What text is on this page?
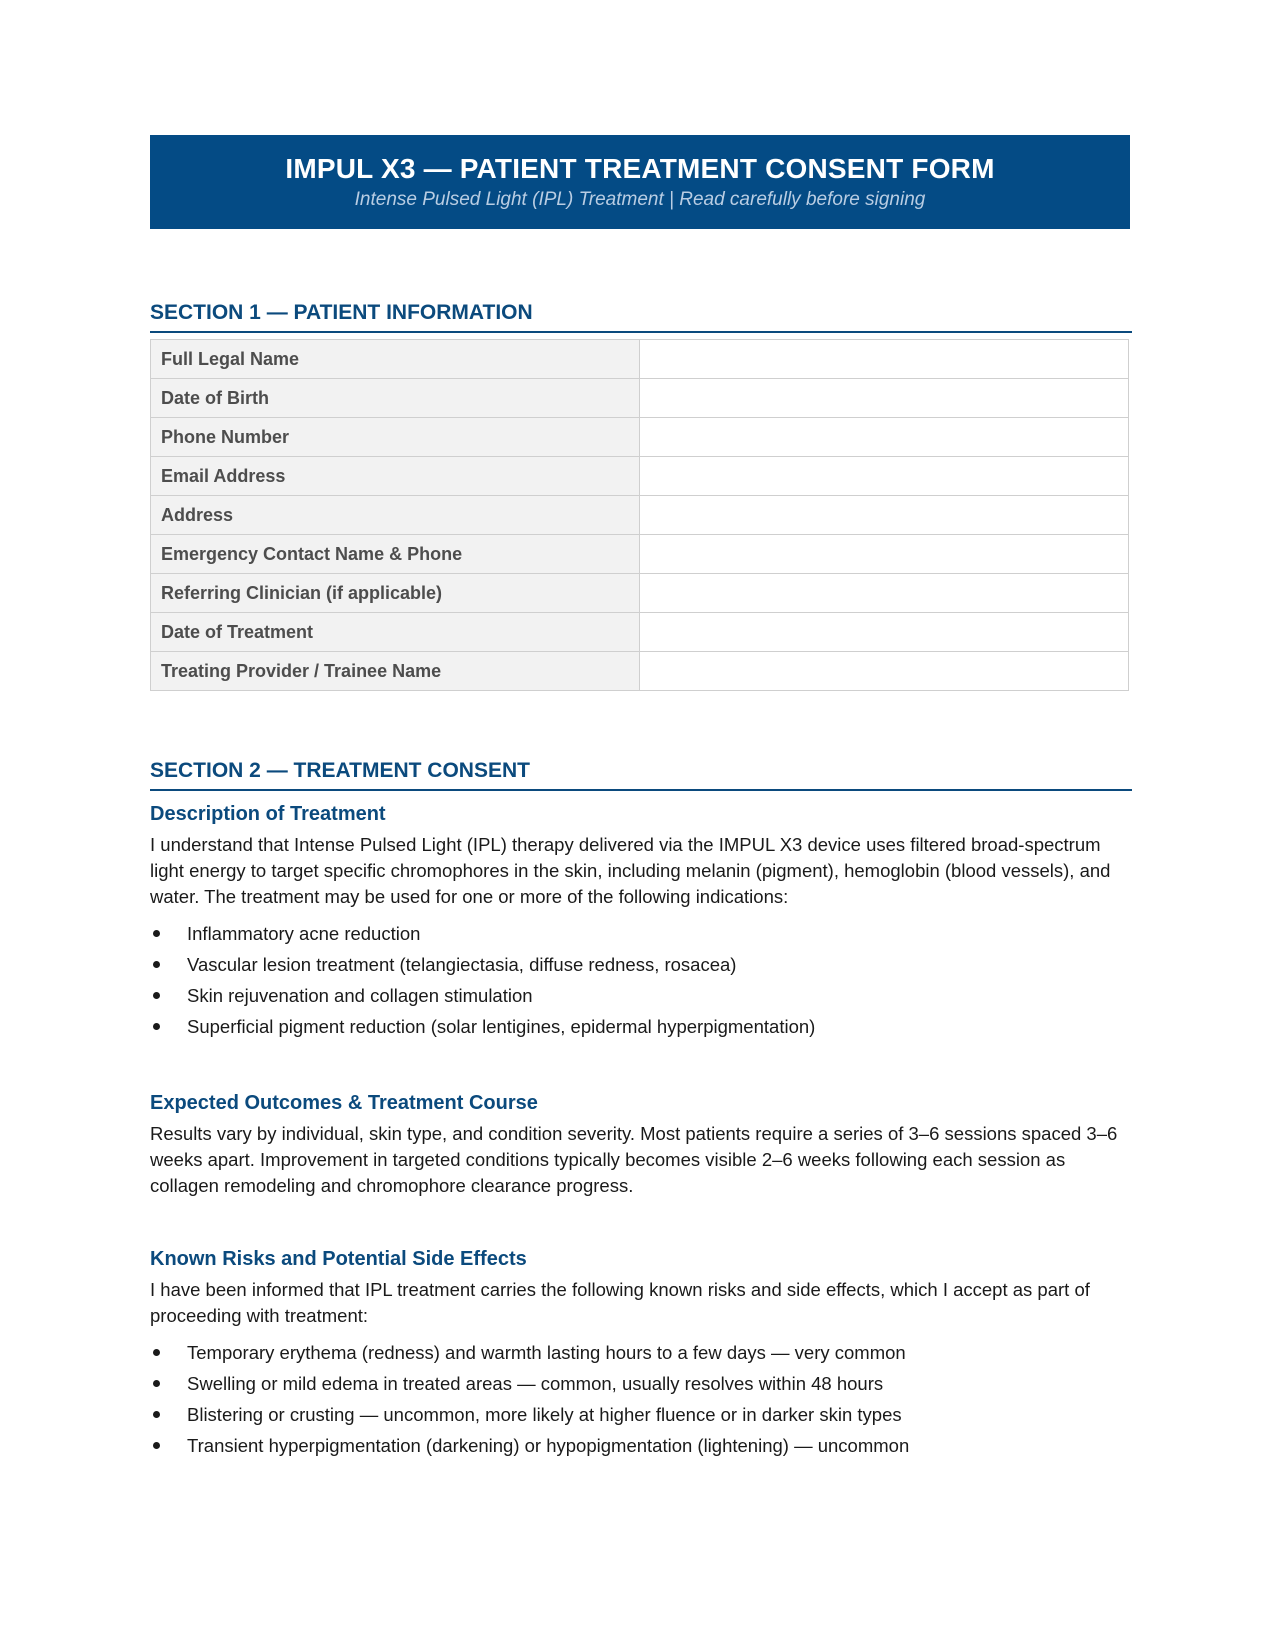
IMPUL X3 — PATIENT TREATMENT CONSENT FORM
Intense Pulsed Light (IPL) Treatment | Read carefully before signing
SECTION 1 — PATIENT INFORMATION
Full Legal Name	
Date of Birth	
Phone Number	
Email Address	
Address	
Emergency Contact Name & Phone	
Referring Clinician (if applicable)	
Date of Treatment	
Treating Provider / Trainee Name	
SECTION 2 — TREATMENT CONSENT
Description of Treatment

I understand that Intense Pulsed Light (IPL) therapy delivered via the IMPUL X3 device uses filtered broad-spectrum light energy to target specific chromophores in the skin, including melanin (pigment), hemoglobin (blood vessels), and water. The treatment may be used for one or more of the following indications:

Inflammatory acne reduction
Vascular lesion treatment (telangiectasia, diffuse redness, rosacea)
Skin rejuvenation and collagen stimulation
Superficial pigment reduction (solar lentigines, epidermal hyperpigmentation)
Expected Outcomes & Treatment Course

Results vary by individual, skin type, and condition severity. Most patients require a series of 3–6 sessions spaced 3–6 weeks apart. Improvement in targeted conditions typically becomes visible 2–6 weeks following each session as collagen remodeling and chromophore clearance progress.

Known Risks and Potential Side Effects

I have been informed that IPL treatment carries the following known risks and side effects, which I accept as part of proceeding with treatment:

Temporary erythema (redness) and warmth lasting hours to a few days — very common
Swelling or mild edema in treated areas — common, usually resolves within 48 hours
Blistering or crusting — uncommon, more likely at higher fluence or in darker skin types
Transient hyperpigmentation (darkening) or hypopigmentation (lightening) — uncommon
